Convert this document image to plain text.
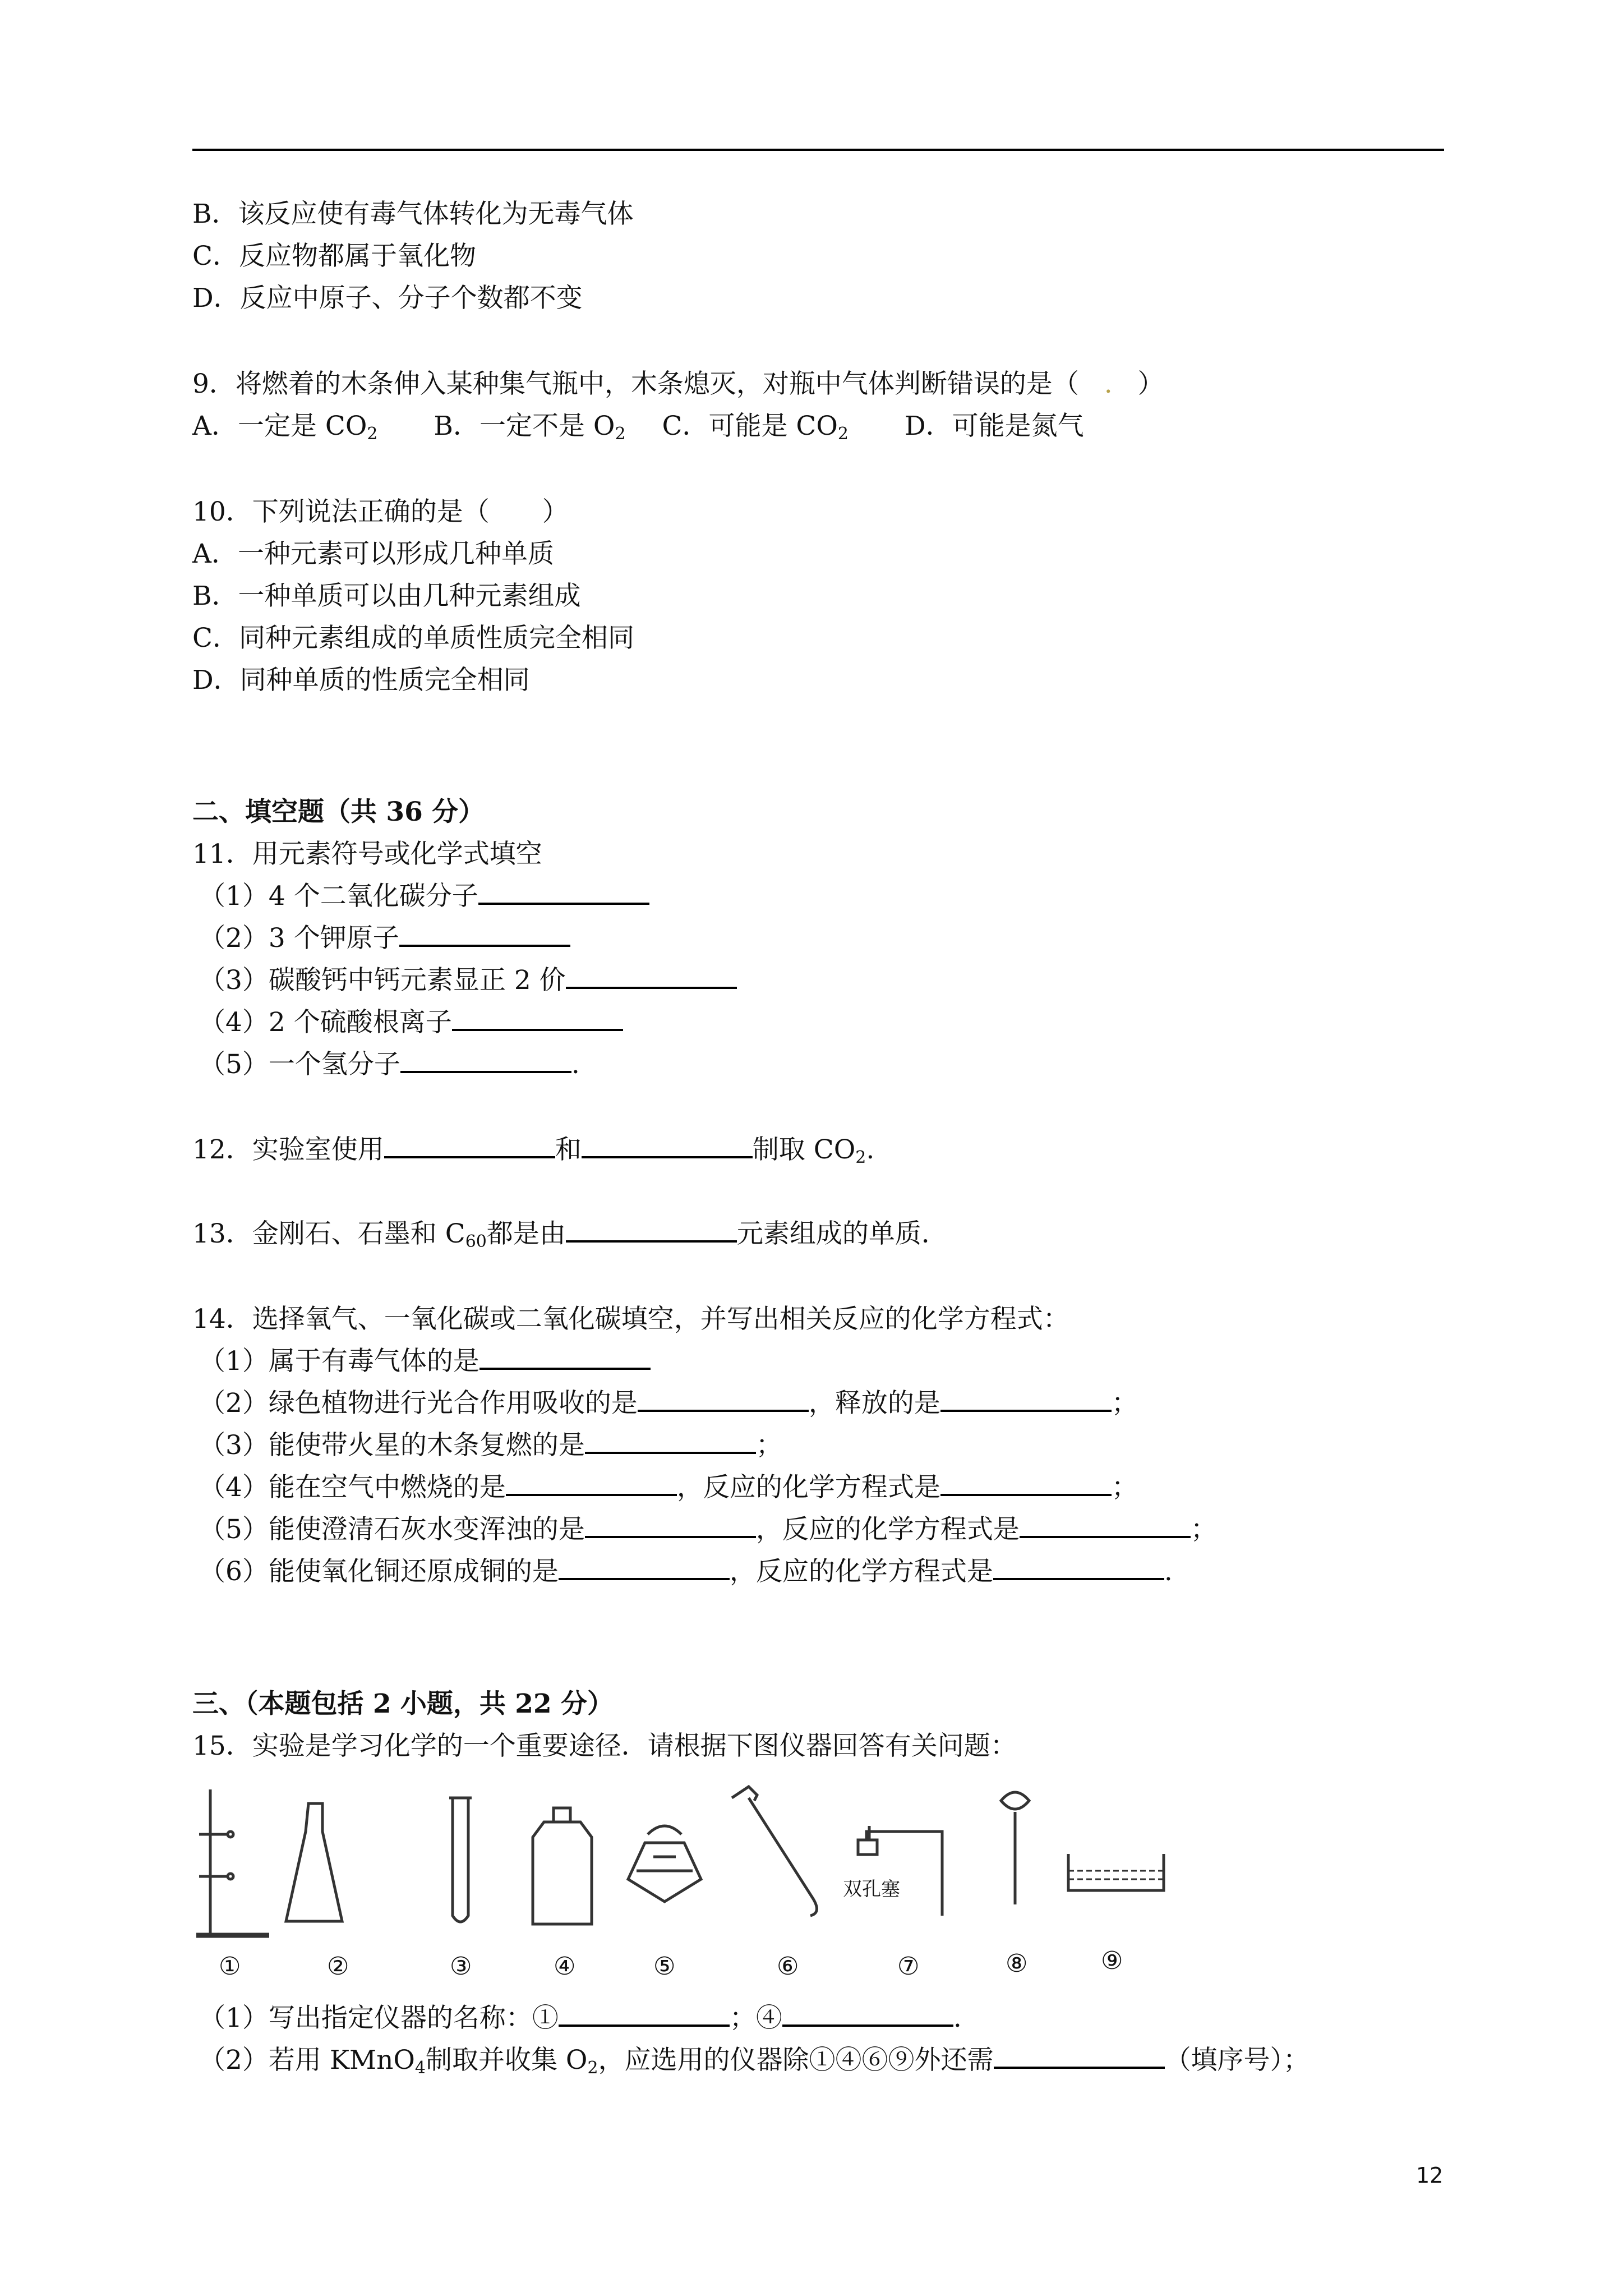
B．该反应使有毒气体转化为无毒气体
C．反应物都属于氧化物
D．反应中原子、分子个数都不变
9．将燃着的木条伸入某种集气瓶中，木条熄灭，对瓶中气体判断错误的是（ . ）
A．一定是 $CO_2$ B．一定不是 $O_2$ C．可能是 $CO_2$ D．可能是氮气
10．下列说法正确的是（　　）
A．一种元素可以形成几种单质
B．一种单质可以由几种元素组成
C．同种元素组成的单质性质完全相同
D．同种单质的性质完全相同
二、填空题（共 36 分）
11．用元素符号或化学式填空
（1）4 个二氧化碳分子
（2）3 个钾原子
（3）碳酸钙中钙元素显正 2 价
（4）2 个硫酸根离子
（5）一个氢分子	.
12．实验室使用	和	制取 $CO_2$.
13．金刚石、石墨和 $C_{60}$都是由	元素组成的单质．
14．选择氧气、一氧化碳或二氧化碳填空，并写出相关反应的化学方程式：
（1）属于有毒气体的是
（2）绿色植物进行光合作用吸收的是	，释放的是	；
（3）能使带火星的木条复燃的是	；
（4）能在空气中燃烧的是	，反应的化学方程式是	；
（5）能使澄清石灰水变浑浊的是	，反应的化学方程式是	；
（6）能使氧化铜还原成铜的是	，反应的化学方程式是	.
三、（本题包括 2 小题，共 22 分）
15．实验是学习化学的一个重要途径．请根据下图仪器回答有关问题：
双孔塞
①	②	③	④	⑤	⑥	⑦	⑧	⑨
（1）写出指定仪器的名称：①	；④	.
（2）若用 KMnO$_4$制取并收集 $O_2$，应选用的仪器除①④⑥⑨外还需	（填序号）；
12
